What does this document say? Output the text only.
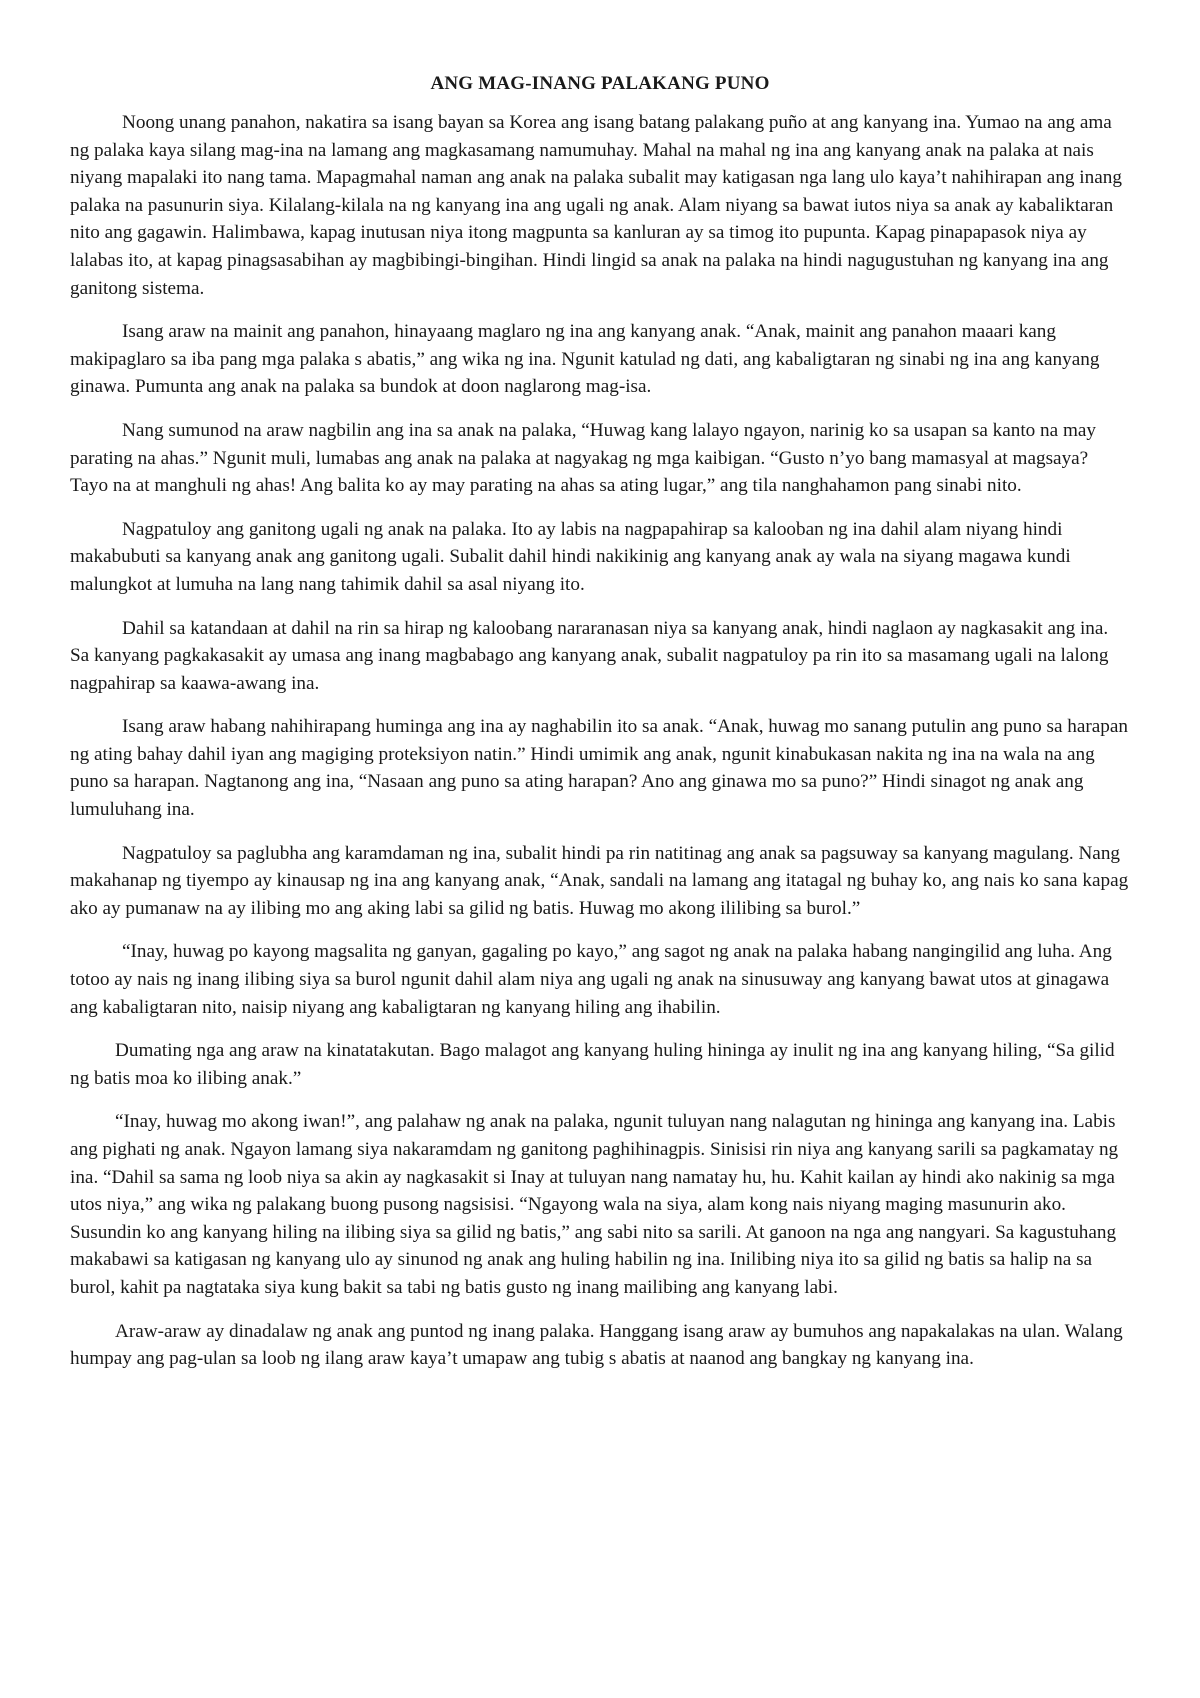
ANG MAG-INANG PALAKANG PUNO

Noong unang panahon, nakatira sa isang bayan sa Korea ang isang batang palakang puño at ang kanyang ina. Yumao na ang ama ng palaka kaya silang mag-ina na lamang ang magkasamang namumuhay. Mahal na mahal ng ina ang kanyang anak na palaka at nais niyang mapalaki ito nang tama. Mapagmahal naman ang anak na palaka subalit may katigasan nga lang ulo kaya’t nahihirapan ang inang palaka na pasunurin siya. Kilalang-kilala na ng kanyang ina ang ugali ng anak. Alam niyang sa bawat iutos niya sa anak ay kabaliktaran nito ang gagawin. Halimbawa, kapag inutusan niya itong magpunta sa kanluran ay sa timog ito pupunta. Kapag pinapapasok niya ay lalabas ito, at kapag pinagsasabihan ay magbibingi-bingihan. Hindi lingid sa anak na palaka na hindi nagugustuhan ng kanyang ina ang ganitong sistema.

Isang araw na mainit ang panahon, hinayaang maglaro ng ina ang kanyang anak. “Anak, mainit ang panahon maaari kang makipaglaro sa iba pang mga palaka s abatis,” ang wika ng ina. Ngunit katulad ng dati, ang kabaligtaran ng sinabi ng ina ang kanyang ginawa. Pumunta ang anak na palaka sa bundok at doon naglarong mag-isa.

Nang sumunod na araw nagbilin ang ina sa anak na palaka, “Huwag kang lalayo ngayon, narinig ko sa usapan sa kanto na may parating na ahas.” Ngunit muli, lumabas ang anak na palaka at nagyakag ng mga kaibigan. “Gusto n’yo bang mamasyal at magsaya? Tayo na at manghuli ng ahas! Ang balita ko ay may parating na ahas sa ating lugar,” ang tila nanghahamon pang sinabi nito.

Nagpatuloy ang ganitong ugali ng anak na palaka. Ito ay labis na nagpapahirap sa kalooban ng ina dahil alam niyang hindi makabubuti sa kanyang anak ang ganitong ugali. Subalit dahil hindi nakikinig ang kanyang anak ay wala na siyang magawa kundi malungkot at lumuha na lang nang tahimik dahil sa asal niyang ito.

Dahil sa katandaan at dahil na rin sa hirap ng kaloobang nararanasan niya sa kanyang anak, hindi naglaon ay nagkasakit ang ina. Sa kanyang pagkakasakit ay umasa ang inang magbabago ang kanyang anak, subalit nagpatuloy pa rin ito sa masamang ugali na lalong nagpahirap sa kaawa-awang ina.

Isang araw habang nahihirapang huminga ang ina ay naghabilin ito sa anak. “Anak, huwag mo sanang putulin ang puno sa harapan ng ating bahay dahil iyan ang magiging proteksiyon natin.” Hindi umimik ang anak, ngunit kinabukasan nakita ng ina na wala na ang puno sa harapan. Nagtanong ang ina, “Nasaan ang puno sa ating harapan? Ano ang ginawa mo sa puno?” Hindi sinagot ng anak ang lumuluhang ina.

Nagpatuloy sa paglubha ang karamdaman ng ina, subalit hindi pa rin natitinag ang anak sa pagsuway sa kanyang magulang. Nang makahanap ng tiyempo ay kinausap ng ina ang kanyang anak, “Anak, sandali na lamang ang itatagal ng buhay ko, ang nais ko sana kapag ako ay pumanaw na ay ilibing mo ang aking labi sa gilid ng batis. Huwag mo akong ililibing sa burol.”

“Inay, huwag po kayong magsalita ng ganyan, gagaling po kayo,” ang sagot ng anak na palaka habang nangingilid ang luha. Ang totoo ay nais ng inang ilibing siya sa burol ngunit dahil alam niya ang ugali ng anak na sinusuway ang kanyang bawat utos at ginagawa ang kabaligtaran nito, naisip niyang ang kabaligtaran ng kanyang hiling ang ihabilin.

Dumating nga ang araw na kinatatakutan. Bago malagot ang kanyang huling hininga ay inulit ng ina ang kanyang hiling, “Sa gilid ng batis moa ko ilibing anak.”

“Inay, huwag mo akong iwan!”, ang palahaw ng anak na palaka, ngunit tuluyan nang nalagutan ng hininga ang kanyang ina. Labis ang pighati ng anak. Ngayon lamang siya nakaramdam ng ganitong paghihinagpis. Sinisisi rin niya ang kanyang sarili sa pagkamatay ng ina. “Dahil sa sama ng loob niya sa akin ay nagkasakit si Inay at tuluyan nang namatay hu, hu. Kahit kailan ay hindi ako nakinig sa mga utos niya,” ang wika ng palakang buong pusong nagsisisi. “Ngayong wala na siya, alam kong nais niyang maging masunurin ako. Susundin ko ang kanyang hiling na ilibing siya sa gilid ng batis,” ang sabi nito sa sarili. At ganoon na nga ang nangyari. Sa kagustuhang makabawi sa katigasan ng kanyang ulo ay sinunod ng anak ang huling habilin ng ina. Inilibing niya ito sa gilid ng batis sa halip na sa burol, kahit pa nagtataka siya kung bakit sa tabi ng batis gusto ng inang mailibing ang kanyang labi.

Araw-araw ay dinadalaw ng anak ang puntod ng inang palaka. Hanggang isang araw ay bumuhos ang napakalakas na ulan. Walang humpay ang pag-ulan sa loob ng ilang araw kaya’t umapaw ang tubig s abatis at naanod ang bangkay ng kanyang ina.
